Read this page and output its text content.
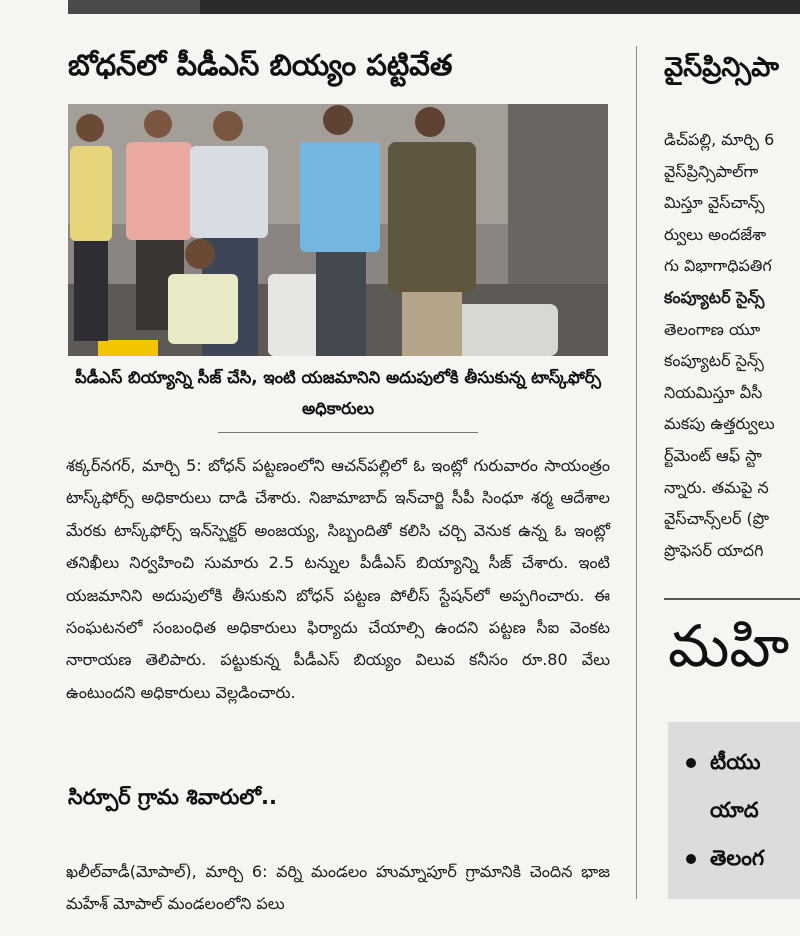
బోధన్‌లో పీడీఎస్ బియ్యం పట్టివేత
పీడీఎస్ బియ్యాన్ని సీజ్ చేసి, ఇంటి యజమానిని అదుపులోకి తీసుకున్న టాస్క్‌ఫోర్స్ అధికారులు

శక్కర్‌నగర్, మార్చి 5: బోధన్ పట్టణంలోని ఆచన్‌పల్లిలో ఓ ఇంట్లో గురువారం సాయంత్రం టాస్క్‌ఫోర్స్ అధికారులు దాడి చేశారు. నిజామాబాద్ ఇన్‌చార్జి సీపీ సింధూ శర్మ ఆదేశాల మేరకు టాస్క్‌ఫోర్స్ ఇన్‌స్పెక్టర్ అంజయ్య, సిబ్బందితో కలిసి చర్చి వెనుక ఉన్న ఓ ఇంట్లో తనిఖీలు నిర్వహించి సుమారు 2.5 టన్నుల పీడీఎస్ బియ్యాన్ని సీజ్ చేశారు. ఇంటి యజమానిని అదుపులోకి తీసుకుని బోధన్ పట్టణ పోలీస్ స్టేషన్‌లో అప్పగించారు. ఈ సంఘటనలో సంబంధిత అధికారులు ఫిర్యాదు చేయాల్సి ఉందని పట్టణ సీఐ వెంకట నారాయణ తెలిపారు. పట్టుకున్న పీడీఎస్ బియ్యం విలువ కనీసం రూ.80 వేలు ఉంటుందని అధికారులు వెల్లడించారు.

సిర్పూర్ గ్రామ శివారులో..

ఖలీల్‌వాడీ(మోపాల్), మార్చి 6: వర్ని మండలం హుమ్నాపూర్ గ్రామానికి చెందిన భాజ మహేశ్ మోపాల్ మండలంలోని పలు

వైస్‌ప్రిన్సిపా
డిచ్‌పల్లి, మార్చి 6
వైస్‌ప్రిన్సిపాల్‌గా
మిస్తూ వైస్‌చాన్స్
ర్వులు అందజేశా
గు విభాగాధిపతిగ
కంప్యూటర్ సైన్స్
తెలంగాణ యూ
కంప్యూటర్ సైన్స్
నియమిస్తూ వీసీ
మకపు ఉత్తర్వులు
ర్ట్‌మెంట్ ఆఫ్ స్టా
న్నారు. తమపై న
వైస్‌చాన్స్‌లర్ (ప్రొ
ప్రొఫెసర్ యాదగి
మహి
టీయు
యాద
తెలంగ
